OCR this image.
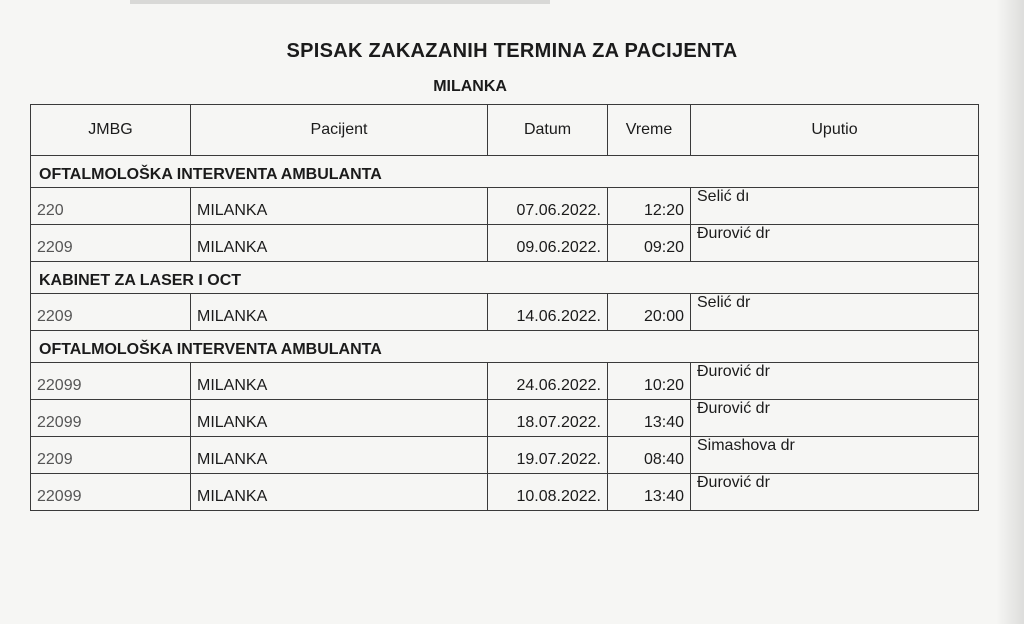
SPISAK ZAKAZANIH TERMINA ZA PACIJENTA
MILANKA
JMBG	Pacijent	Datum	Vreme	Uputio
OFTALMOLOŠKA INTERVENTA AMBULANTA				
220  	MILANKA	07.06.2022.	12:20	Selić dı
2209	MILANKA	09.06.2022.	09:20	Đurović dr
KABINET ZA LASER I OCT				
2209	MILANKA	14.06.2022.	20:00	Selić dr
OFTALMOLOŠKA INTERVENTA AMBULANTA				
22099	MILANKA	24.06.2022.	10:20	Đurović dr
22099	MILANKA	18.07.2022.	13:40	Đurović dr
2209	MILANKA	19.07.2022.	08:40	Simashova dr
22099	MILANKA	10.08.2022.	13:40	Đurović dr
